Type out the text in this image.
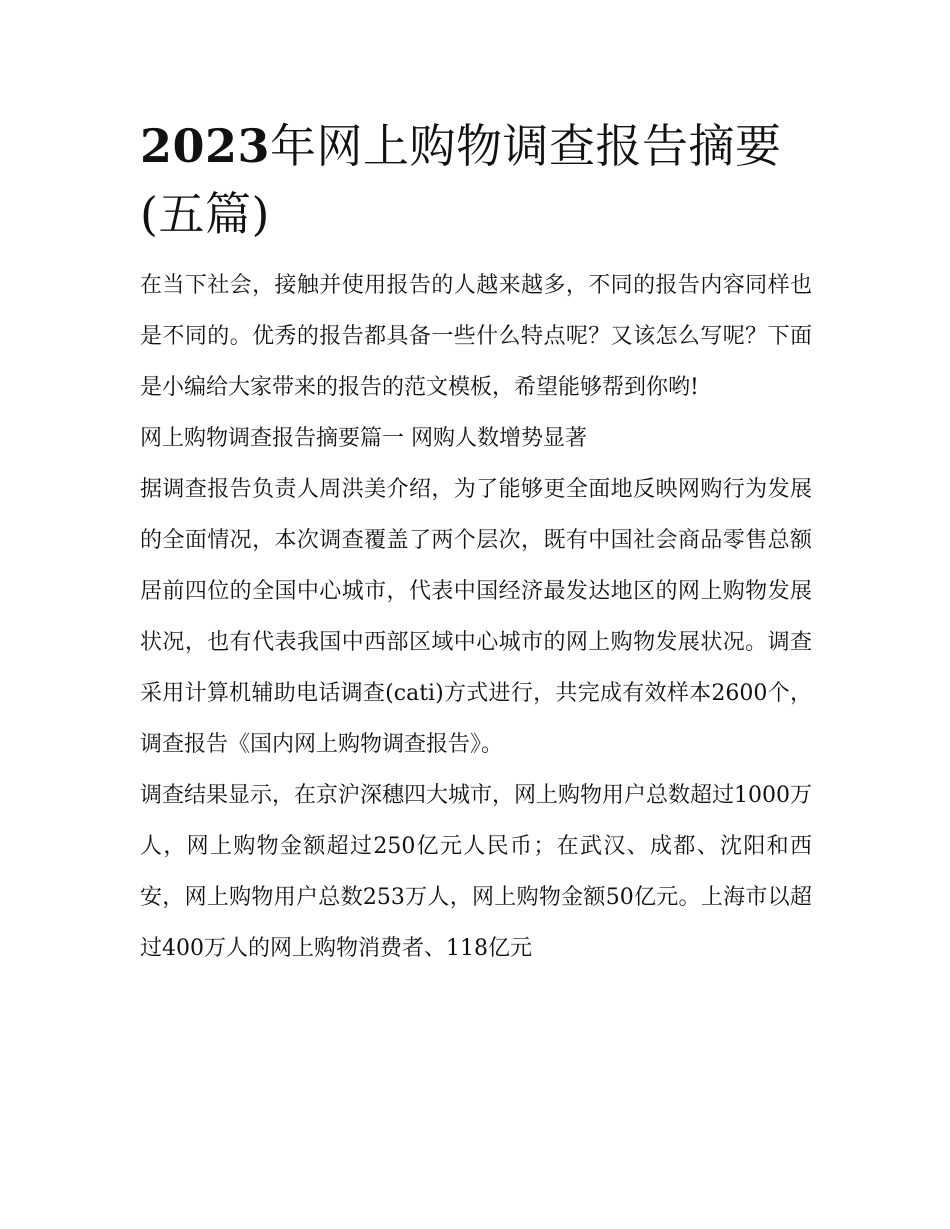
2023年网上购物调查报告摘要(五篇)

在当下社会，接触并使用报告的人越来越多，不同的报告内容同样也是不同的。优秀的报告都具备一些什么特点呢？又该怎么写呢？下面是小编给大家带来的报告的范文模板，希望能够帮到你哟!

网上购物调查报告摘要篇一 网购人数增势显著

据调查报告负责人周洪美介绍，为了能够更全面地反映网购行为发展的全面情况，本次调查覆盖了两个层次，既有中国社会商品零售总额居前四位的全国中心城市，代表中国经济最发达地区的网上购物发展状况，也有代表我国中西部区域中心城市的网上购物发展状况。调查采用计算机辅助电话调查(cati)方式进行，共完成有效样本2600个，调查报告《国内网上购物调查报告》。

调查结果显示，在京沪深穗四大城市，网上购物用户总数超过1000万人，网上购物金额超过250亿元人民币；在武汉、成都、沈阳和西安，网上购物用户总数253万人，网上购物金额50亿元。上海市以超过400万人的网上购物消费者、118亿元
